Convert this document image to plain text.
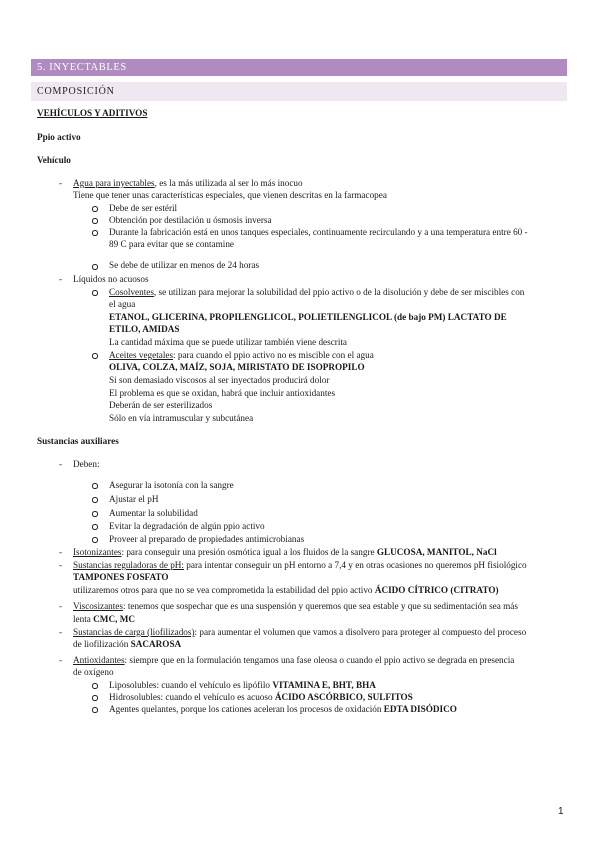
5. INYECTABLES
COMPOSICIÓN
VEHÍCULOS Y ADITIVOS
Ppio activo
Vehículo
- Agua para inyectables, es la más utilizada al ser lo más inocuo
Tiene que tener unas características especiales, que vienen descritas en la farmacopea
Debe de ser estéril
Obtención por destilación u ósmosis inversa
Durante la fabricación está en unos tanques especiales, continuamente recirculando y a una temperatura entre 60 -
89 C para evitar que se contamine
Se debe de utilizar en menos de 24 horas
- Líquidos no acuosos
Cosolventes, se utilizan para mejorar la solubilidad del ppio activo o de la disolución y debe de ser miscibles con
el agua
ETANOL, GLICERINA, PROPILENGLICOL, POLIETILENGLICOL (de bajo PM) LACTATO DE
ETILO, AMIDAS
La cantidad máxima que se puede utilizar también viene descrita
Aceites vegetales: para cuando el ppio activo no es miscible con el agua
OLIVA, COLZA, MAÍZ, SOJA, MIRISTATO DE ISOPROPILO
Si son demasiado viscosos al ser inyectados producirá dolor
El problema es que se oxidan, habrá que incluir antioxidantes
Deberán de ser esterilizados
Sólo en vía intramuscular y subcutánea
Sustancias auxiliares
- Deben:
Asegurar la isotonía con la sangre
Ajustar el pH
Aumentar la solubilidad
Evitar la degradación de algún ppio activo
Proveer al preparado de propiedades antimicrobianas
- Isotonizantes: para conseguir una presión osmótica igual a los fluidos de la sangre GLUCOSA, MANITOL, NaCl
- Sustancias reguladoras de pH: para intentar conseguir un pH entorno a 7,4 y en otras ocasiones no queremos pH fisiológico
TAMPONES FOSFATO
utilizaremos otros para que no se vea comprometida la estabilidad del ppio activo ÁCIDO CÍTRICO (CITRATO)
- Viscosizantes: tenemos que sospechar que es una suspensión y queremos que sea estable y que su sedimentación sea más
lenta CMC, MC
- Sustancias de carga (liofilizados): para aumentar el volumen que vamos a disolvero para proteger al compuesto del proceso
de liofilización SACAROSA
- Antioxidantes: siempre que en la formulación tengamos una fase oleosa o cuando el ppio activo se degrada en presencia
de oxígeno
Liposolubles: cuando el vehículo es lipófilo VITAMINA E, BHT, BHA
Hidrosolubles: cuando el vehículo es acuoso ÁCIDO ASCÓRBICO, SULFITOS
Agentes quelantes, porque los cationes aceleran los procesos de oxidación EDTA DISÓDICO
1
